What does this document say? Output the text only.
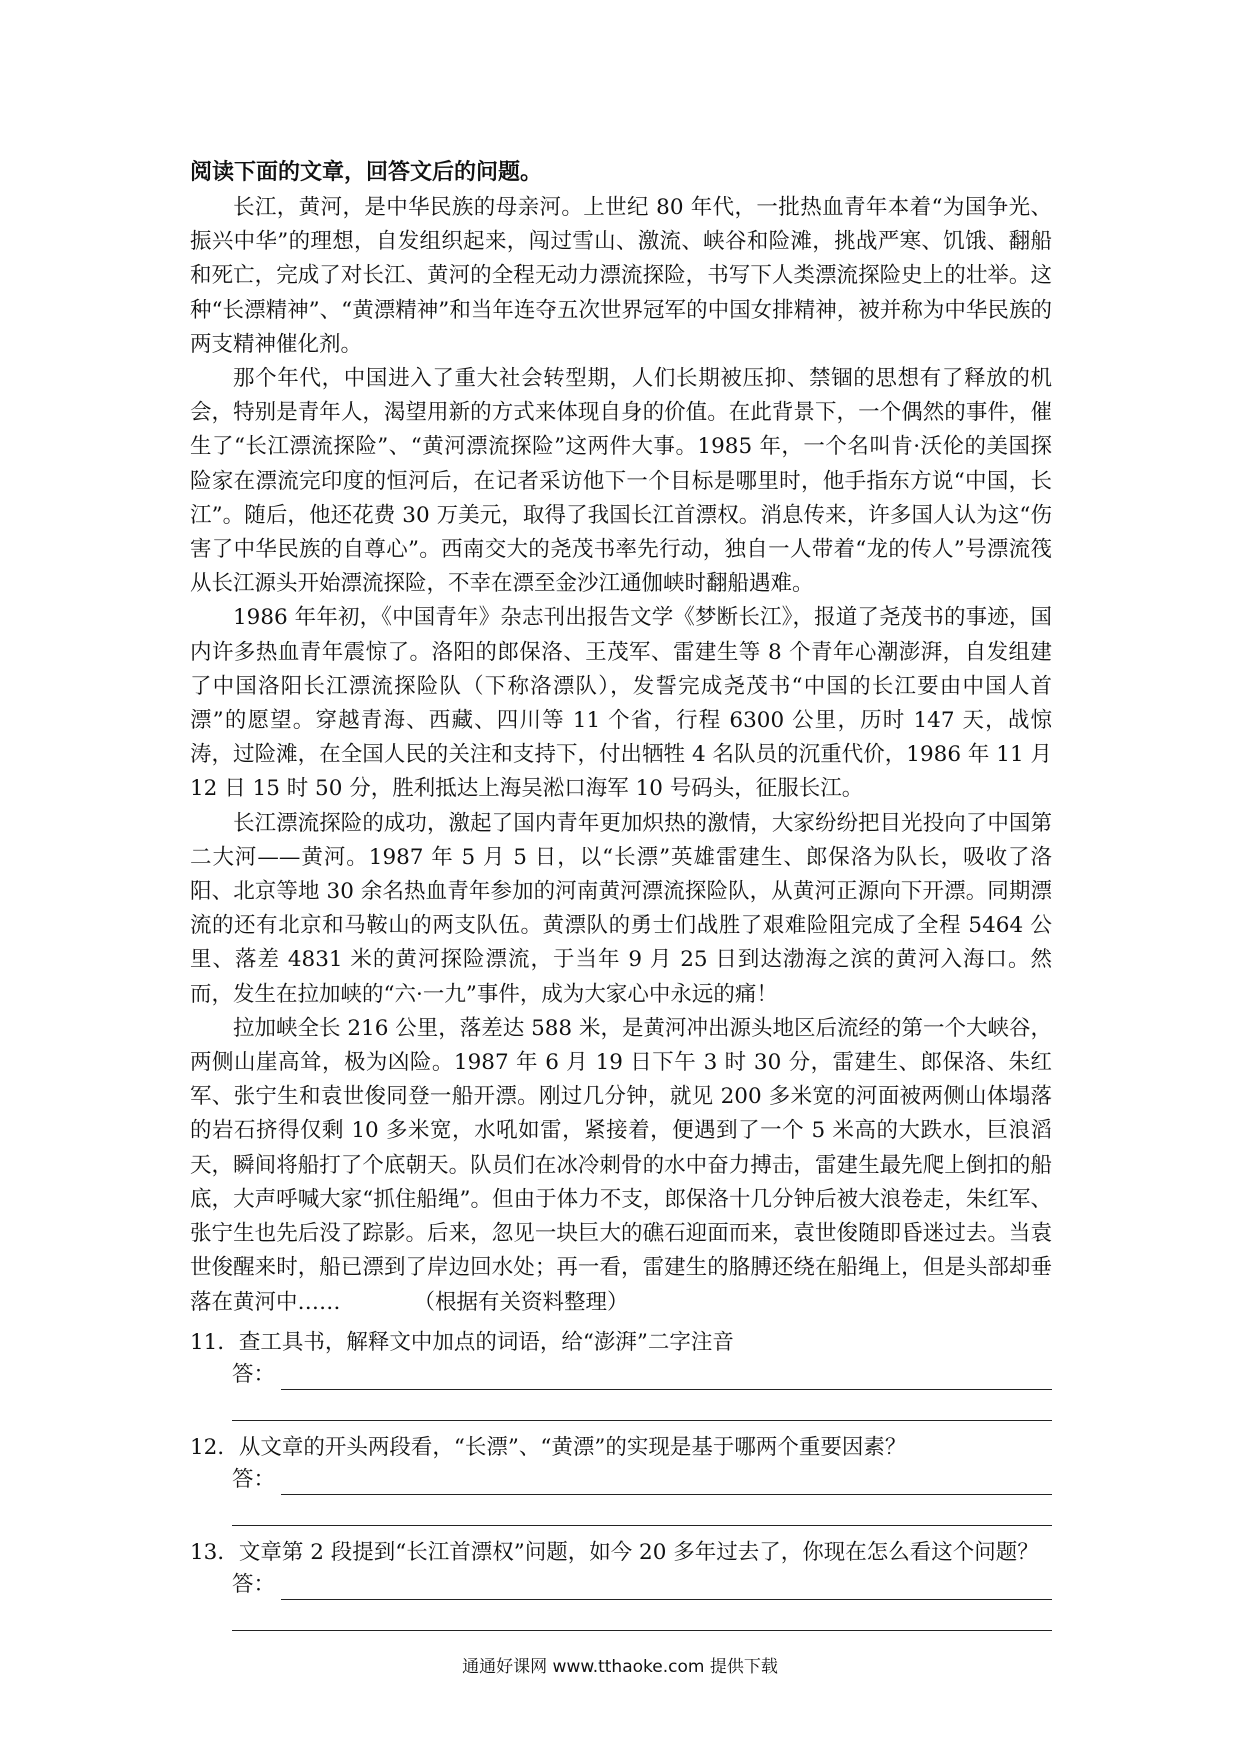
阅读下面的文章，回答文后的问题。

长江，黄河，是中华民族的母亲河。上世纪 80 年代，一批热血青年本着“为国争光、振兴中华”的理想，自发组织起来，闯过雪山、激流、峡谷和险滩，挑战严寒、饥饿、翻船和死亡，完成了对长江、黄河的全程无动力漂流探险，书写下人类漂流探险史上的壮举。这种“长漂精神”、“黄漂精神”和当年连夺五次世界冠军的中国女排精神，被并称为中华民族的两支精神催化剂。

那个年代，中国进入了重大社会转型期，人们长期被压抑、禁锢的思想有了释放的机会，特别是青年人，渴望用新的方式来体现自身的价值。在此背景下，一个偶然的事件，催生了“长江漂流探险”、“黄河漂流探险”这两件大事。1985 年，一个名叫肯·沃伦的美国探险家在漂流完印度的恒河后，在记者采访他下一个目标是哪里时，他手指东方说“中国，长江”。随后，他还花费 30 万美元，取得了我国长江首漂权。消息传来，许多国人认为这“伤害了中华民族的自尊心”。西南交大的尧茂书率先行动，独自一人带着“龙的传人”号漂流筏从长江源头开始漂流探险，不幸在漂至金沙江通伽峡时翻船遇难。

1986 年年初，《中国青年》杂志刊出报告文学《梦断长江》，报道了尧茂书的事迹，国内许多热血青年震惊了。洛阳的郎保洛、王茂军、雷建生等 8 个青年心潮澎湃，自发组建了中国洛阳长江漂流探险队（下称洛漂队），发誓完成尧茂书“中国的长江要由中国人首漂”的愿望。穿越青海、西藏、四川等 11 个省，行程 6300 公里，历时 147 天，战惊涛，过险滩，在全国人民的关注和支持下，付出牺牲 4 名队员的沉重代价，1986 年 11 月 12 日 15 时 50 分，胜利抵达上海吴淞口海军 10 号码头，征服长江。

长江漂流探险的成功，激起了国内青年更加炽热的激情，大家纷纷把目光投向了中国第二大河——黄河。1987 年 5 月 5 日，以“长漂”英雄雷建生、郎保洛为队长，吸收了洛阳、北京等地 30 余名热血青年参加的河南黄河漂流探险队，从黄河正源向下开漂。同期漂流的还有北京和马鞍山的两支队伍。黄漂队的勇士们战胜了艰难险阻完成了全程 5464 公里、落差 4831 米的黄河探险漂流，于当年 9 月 25 日到达渤海之滨的黄河入海口。然而，发生在拉加峡的“六·一九”事件，成为大家心中永远的痛！

拉加峡全长 216 公里，落差达 588 米，是黄河冲出源头地区后流经的第一个大峡谷，两侧山崖高耸，极为凶险。1987 年 6 月 19 日下午 3 时 30 分，雷建生、郎保洛、朱红军、张宁生和袁世俊同登一船开漂。刚过几分钟，就见 200 多米宽的河面被两侧山体塌落的岩石挤得仅剩 10 多米宽，水吼如雷，紧接着，便遇到了一个 5 米高的大跌水，巨浪滔天，瞬间将船打了个底朝天。队员们在冰冷刺骨的水中奋力搏击，雷建生最先爬上倒扣的船底，大声呼喊大家“抓住船绳”。但由于体力不支，郎保洛十几分钟后被大浪卷走，朱红军、张宁生也先后没了踪影。后来，忽见一块巨大的礁石迎面而来，袁世俊随即昏迷过去。当袁世俊醒来时，船已漂到了岸边回水处；再一看，雷建生的胳膊还绕在船绳上，但是头部却垂落在黄河中……	（根据有关资料整理）

11．查工具书，解释文中加点的词语，给“澎湃”二字注音
答：
12．从文章的开头两段看，“长漂”、“黄漂”的实现是基于哪两个重要因素？
答：
13．文章第 2 段提到“长江首漂权”问题，如今 20 多年过去了，你现在怎么看这个问题？
答：
通通好课网 www.tthaoke.com 提供下载
